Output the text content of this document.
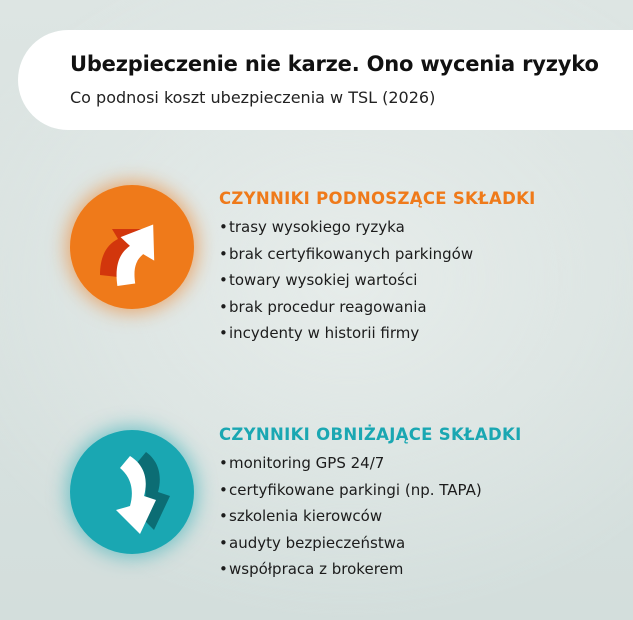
Ubezpieczenie nie karze. Ono wycenia ryzyko
Co podnosi koszt ubezpieczenia w TSL (2026)
CZYNNIKI PODNOSZĄCE SKŁADKI
•trasy wysokiego ryzyka
•brak certyfikowanych parkingów
•towary wysokiej wartości
•brak procedur reagowania
•incydenty w historii firmy
CZYNNIKI OBNIŻAJĄCE SKŁADKI
•monitoring GPS 24/7
•certyfikowane parkingi (np. TAPA)
•szkolenia kierowców
•audyty bezpieczeństwa
•współpraca z brokerem
